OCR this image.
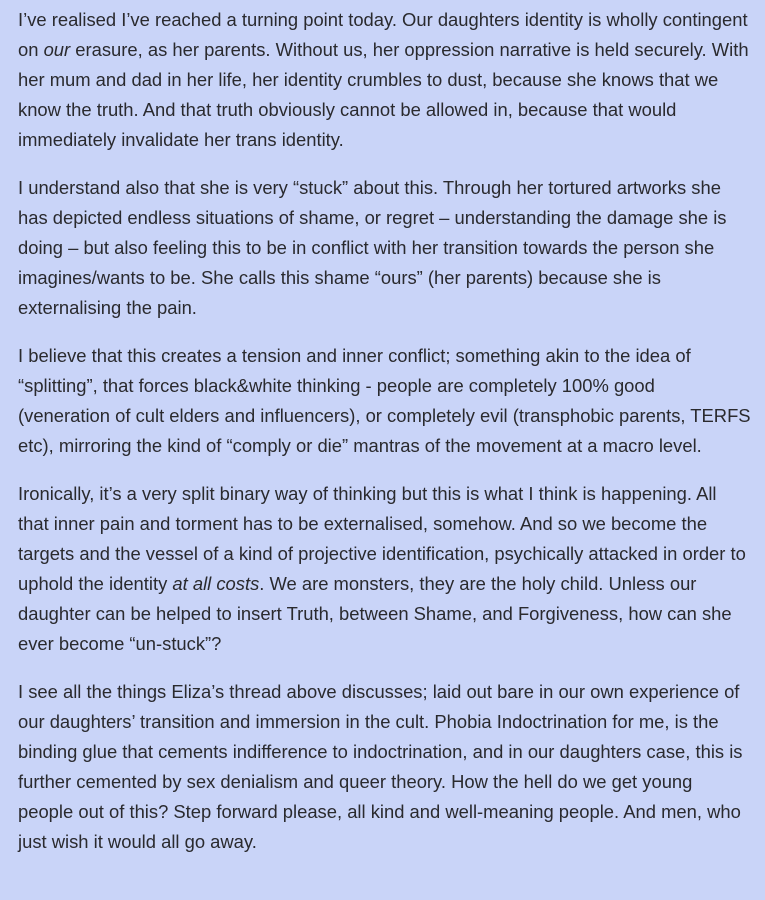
I’ve realised I’ve reached a turning point today. Our daughters identity is wholly contingent on our erasure, as her parents. Without us, her oppression narrative is held securely. With her mum and dad in her life, her identity crumbles to dust, because she knows that we know the truth. And that truth obviously cannot be allowed in, because that would immediately invalidate her trans identity.

I understand also that she is very “stuck” about this. Through her tortured artworks she has depicted endless situations of shame, or regret – understanding the damage she is doing – but also feeling this to be in conflict with her transition towards the person she imagines/wants to be. She calls this shame “ours” (her parents) because she is externalising the pain.

I believe that this creates a tension and inner conflict; something akin to the idea of “splitting”, that forces black&white thinking - people are completely 100% good (veneration of cult elders and influencers), or completely evil (transphobic parents, TERFS etc), mirroring the kind of “comply or die” mantras of the movement at a macro level.

Ironically, it’s a very split binary way of thinking but this is what I think is happening. All that inner pain and torment has to be externalised, somehow. And so we become the targets and the vessel of a kind of projective identification, psychically attacked in order to uphold the identity at all costs. We are monsters, they are the holy child. Unless our daughter can be helped to insert Truth, between Shame, and Forgiveness, how can she ever become “un-stuck”?

I see all the things Eliza’s thread above discusses; laid out bare in our own experience of our daughters’ transition and immersion in the cult. Phobia Indoctrination for me, is the binding glue that cements indifference to indoctrination, and in our daughters case, this is further cemented by sex denialism and queer theory. How the hell do we get young people out of this? Step forward please, all kind and well-meaning people. And men, who just wish it would all go away.
